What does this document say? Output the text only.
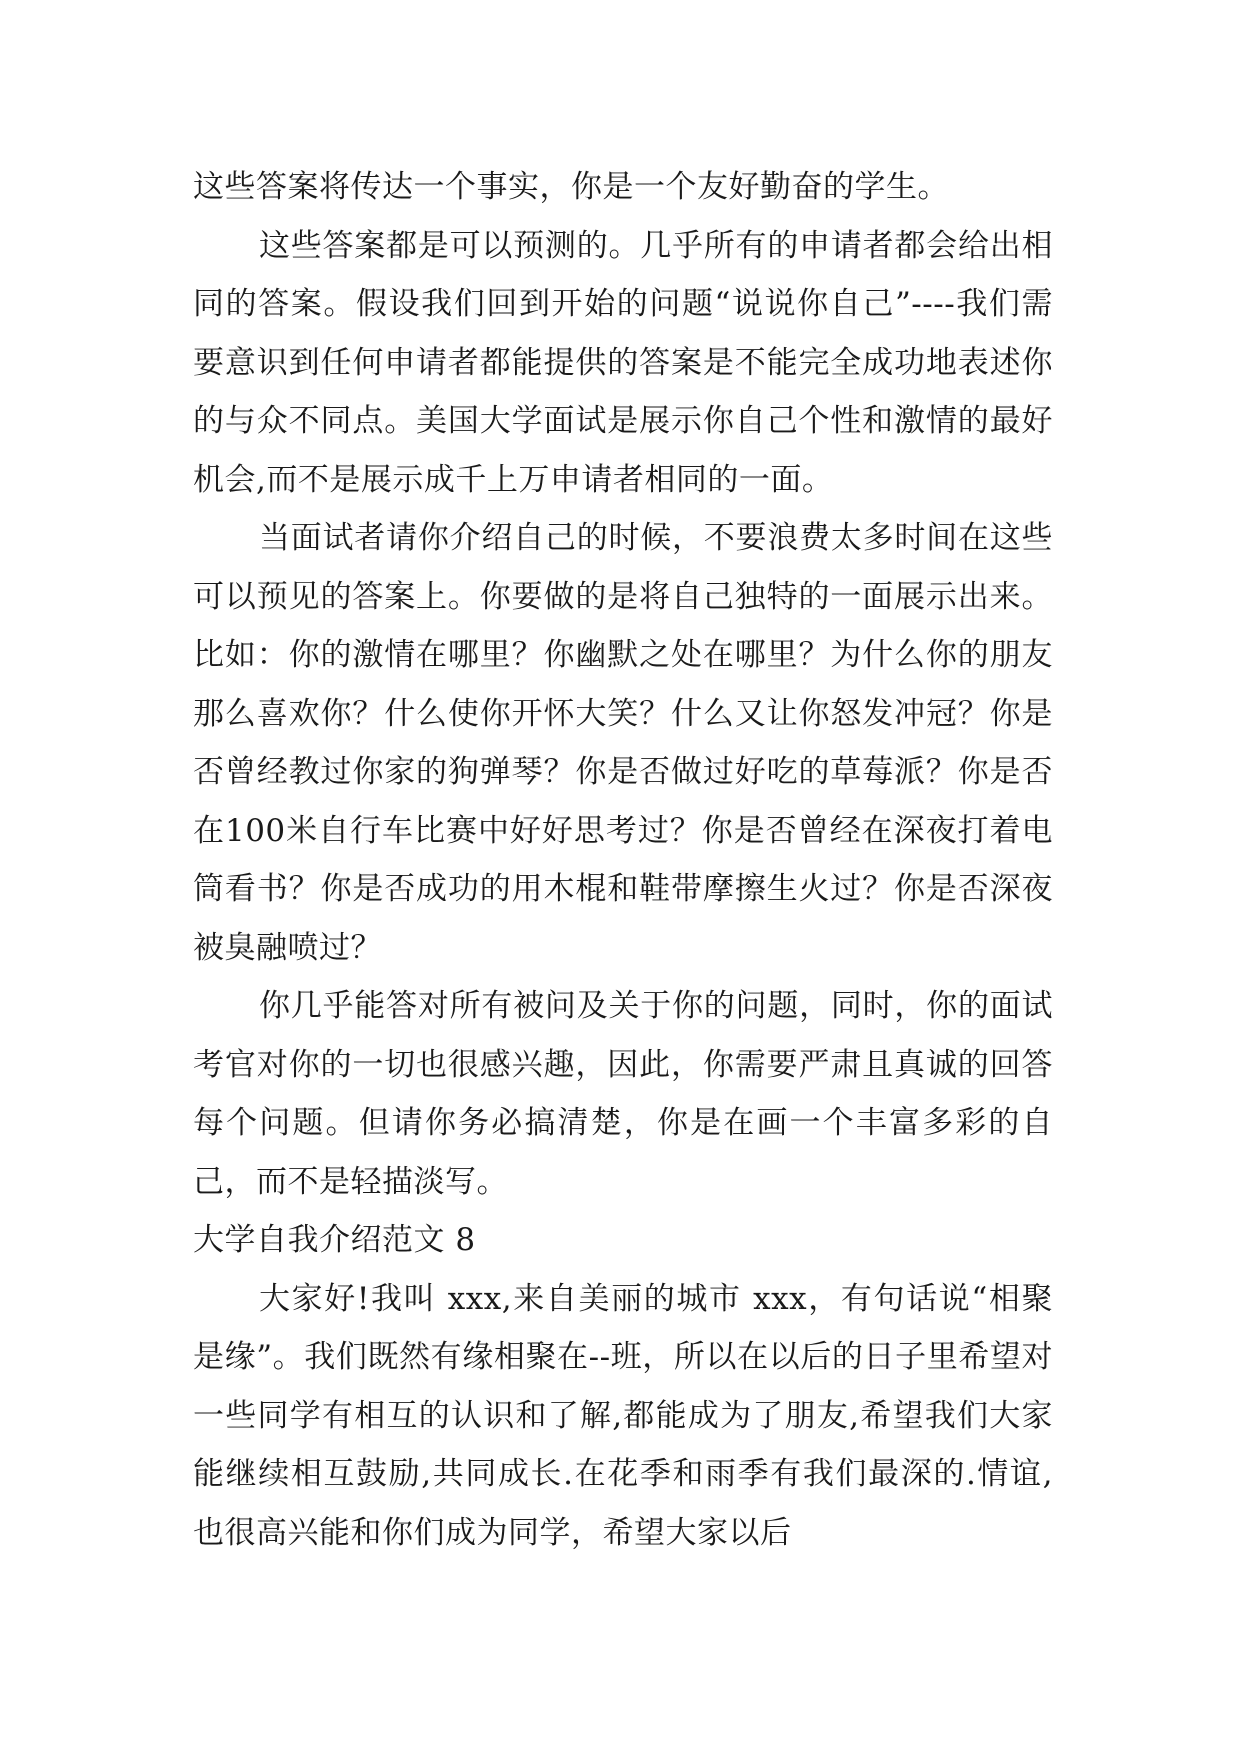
这些答案将传达一个事实，你是一个友好勤奋的学生。

这些答案都是可以预测的。几乎所有的申请者都会给出相同的答案。假设我们回到开始的问题“说说你自己”----我们需要意识到任何申请者都能提供的答案是不能完全成功地表述你的与众不同点。美国大学面试是展示你自己个性和激情的最好机会,而不是展示成千上万申请者相同的一面。

当面试者请你介绍自己的时候，不要浪费太多时间在这些可以预见的答案上。你要做的是将自己独特的一面展示出来。比如：你的激情在哪里？你幽默之处在哪里？为什么你的朋友那么喜欢你？什么使你开怀大笑？什么又让你怒发冲冠？你是否曾经教过你家的狗弹琴？你是否做过好吃的草莓派？你是否在100米自行车比赛中好好思考过？你是否曾经在深夜打着电筒看书？你是否成功的用木棍和鞋带摩擦生火过？你是否深夜被臭融喷过？

你几乎能答对所有被问及关于你的问题，同时，你的面试考官对你的一切也很感兴趣，因此，你需要严肃且真诚的回答每个问题。但请你务必搞清楚，你是在画一个丰富多彩的自己，而不是轻描淡写。

大学自我介绍范文 8

大家好!我叫 xxx,来自美丽的城市 xxx，有句话说“相聚是缘”。我们既然有缘相聚在--班，所以在以后的日子里希望对一些同学有相互的认识和了解,都能成为了朋友,希望我们大家能继续相互鼓励,共同成长.在花季和雨季有我们最深的.情谊,也很高兴能和你们成为同学，希望大家以后
